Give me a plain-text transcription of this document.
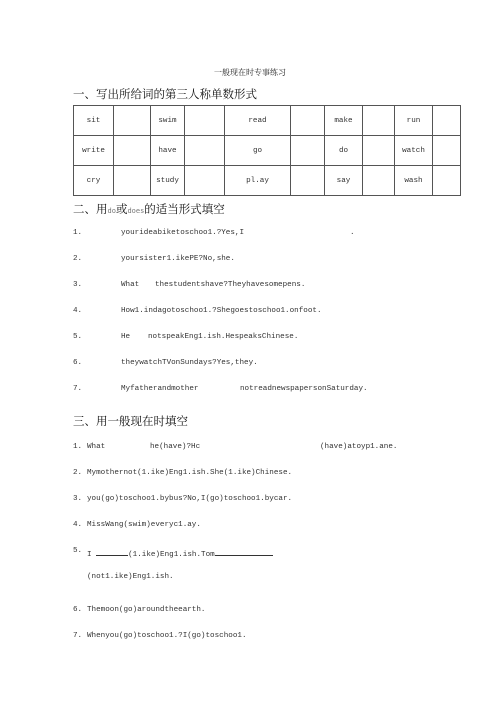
一般现在时专事练习
一、写出所给词的第三人称单数形式
sit		swim		read		make		run	
write		have		go		do		watch	
cry		study		pl.ay		say		wash	
二、用do或does的适当形式填空
1.	yourideabiketoschoo1.?Yes,I	.
2.	yoursister1.ikePE?No,she.
3.	What thestudentshave?Theyhavesomepens.
4.	How1.indagotoschoo1.?Shegoestoschoo1.onfoot.
5.	He notspeakEng1.ish.HespeaksChinese.
6.	theywatchTVonSundays?Yes,they.
7.	Myfatherandmother	notreadnewspapersonSaturday.
三、用一般现在时填空
1. What	he(have)?Hc	(have)atoyp1.ane.
2. Mymothernot(1.ike)Eng1.ish.She(1.ike)Chinese.
3. you(go)toschoo1.bybus?No,I(go)toschoo1.bycar.
4. MissWang(swim)everyc1.ay.
5. I	(1.ike)Eng1.ish.Tom
(not1.ike)Eng1.ish.
6. Themoon(go)aroundtheearth.
7. Whenyou(go)toschoo1.?I(go)toschoo1.
